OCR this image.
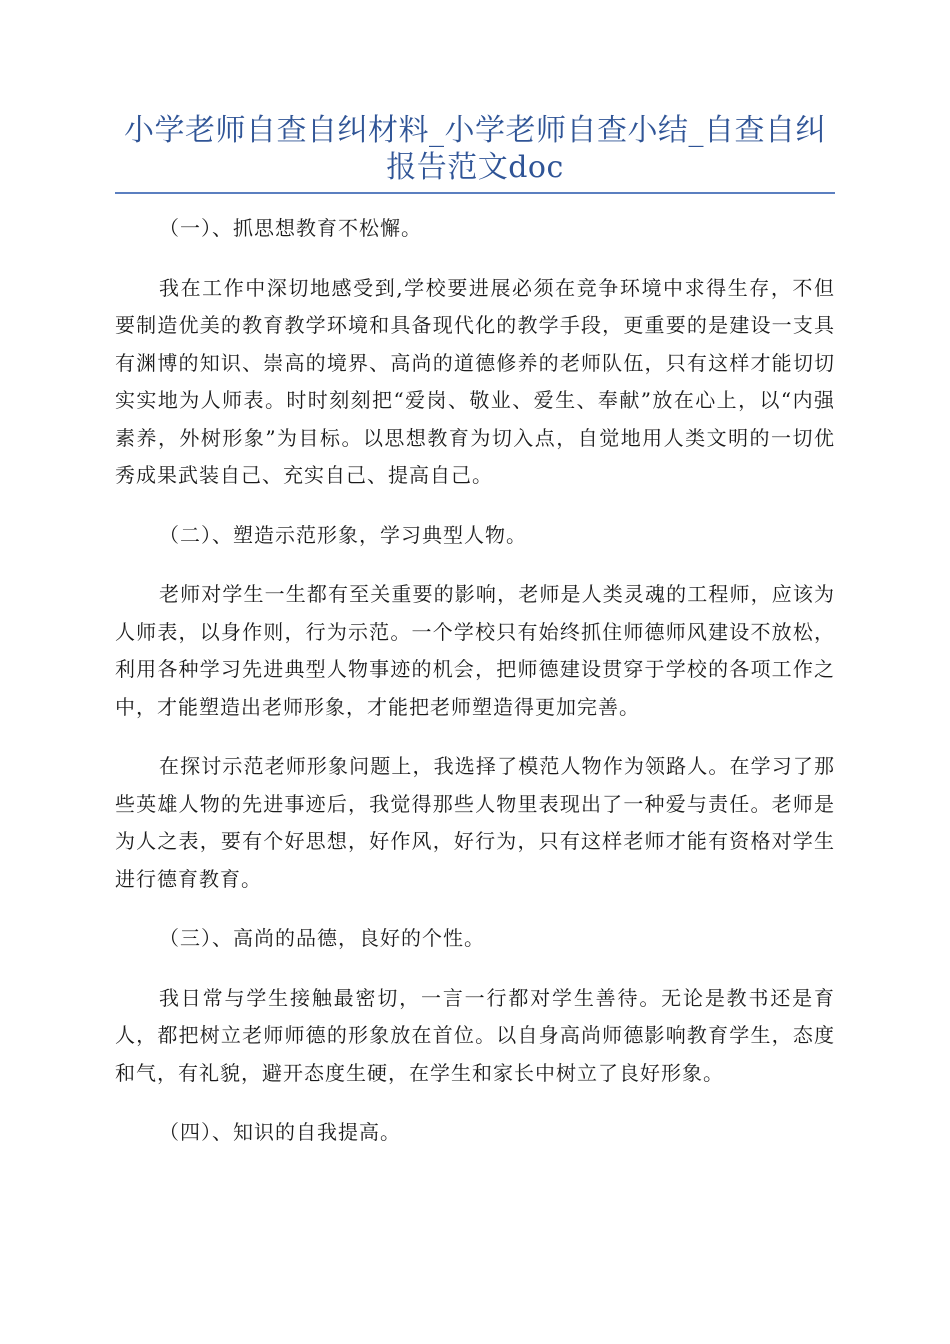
小学老师自查自纠材料_小学老师自查小结_自查自纠报告范文doc

（一）、抓思想教育不松懈。

我在工作中深切地感受到,学校要进展必须在竞争环境中求得生存，不但要制造优美的教育教学环境和具备现代化的教学手段，更重要的是建设一支具有渊博的知识、崇高的境界、高尚的道德修养的老师队伍，只有这样才能切切实实地为人师表。时时刻刻把“爱岗、敬业、爱生、奉献”放在心上，以“内强素养，外树形象”为目标。以思想教育为切入点，自觉地用人类文明的一切优秀成果武装自己、充实自己、提高自己。

（二）、塑造示范形象，学习典型人物。

老师对学生一生都有至关重要的影响，老师是人类灵魂的工程师，应该为人师表，以身作则，行为示范。一个学校只有始终抓住师德师风建设不放松，利用各种学习先进典型人物事迹的机会，把师德建设贯穿于学校的各项工作之中，才能塑造出老师形象，才能把老师塑造得更加完善。

在探讨示范老师形象问题上，我选择了模范人物作为领路人。在学习了那些英雄人物的先进事迹后，我觉得那些人物里表现出了一种爱与责任。老师是为人之表，要有个好思想，好作风，好行为，只有这样老师才能有资格对学生进行德育教育。

（三）、高尚的品德，良好的个性。

我日常与学生接触最密切，一言一行都对学生善待。无论是教书还是育人，都把树立老师师德的形象放在首位。以自身高尚师德影响教育学生，态度和气，有礼貌，避开态度生硬，在学生和家长中树立了良好形象。

（四）、知识的自我提高。
